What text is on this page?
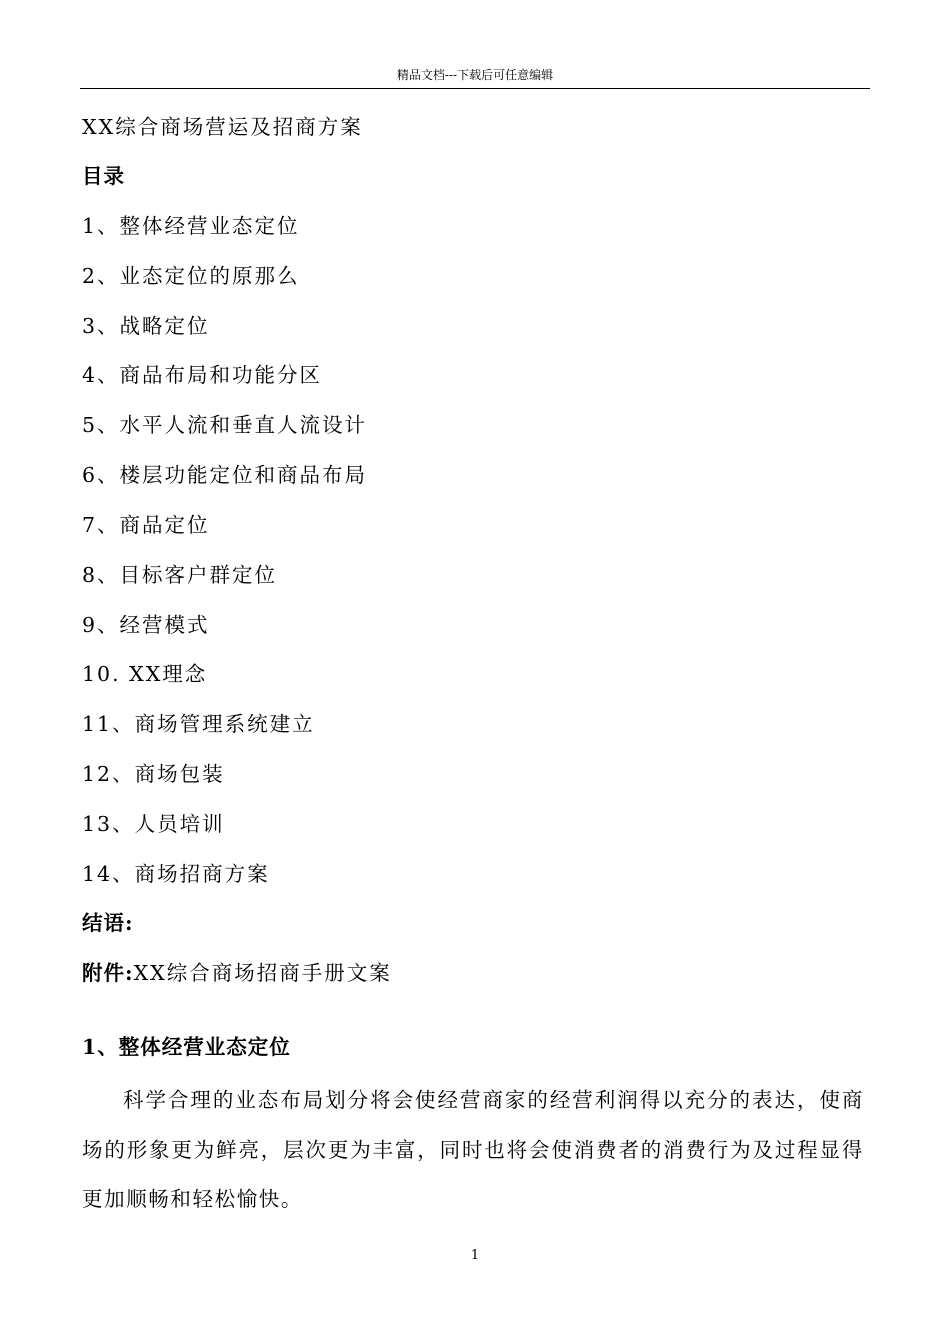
精品文档---下载后可任意编辑
XX综合商场营运及招商方案
目录
1、整体经营业态定位
2、业态定位的原那么
3、战略定位
4、商品布局和功能分区
5、水平人流和垂直人流设计
6、楼层功能定位和商品布局
7、商品定位
8、目标客户群定位
9、经营模式
10. XX理念
11、商场管理系统建立
12、商场包装
13、人员培训
14、商场招商方案
结语:
附件:XX综合商场招商手册文案
1、整体经营业态定位
科学合理的业态布局划分将会使经营商家的经营利润得以充分的表达，使商场的形象更为鲜亮，层次更为丰富，同时也将会使消费者的消费行为及过程显得更加顺畅和轻松愉快。
1
